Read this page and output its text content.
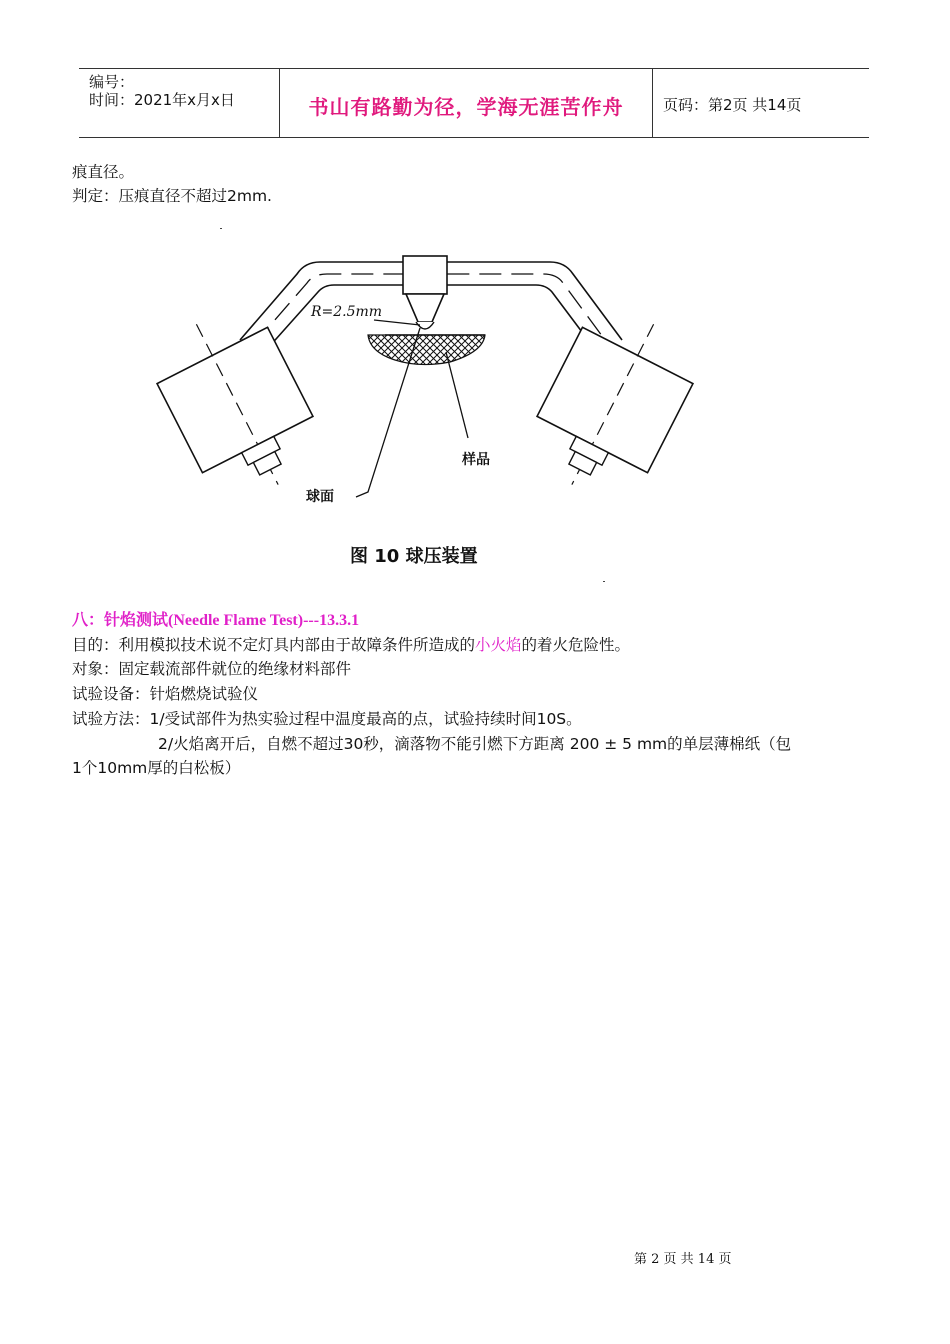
编号：
时间：2021年x月x日	书山有路勤为径，学海无涯苦作舟	页码：第2页 共14页
痕直径。
判定：压痕直径不超过2mm.
R=2.5mm
样品
球面
图 10 球压装置
八：针焰测试(Needle Flame Test)---13.3.1
目的：利用模拟技术说不定灯具内部由于故障条件所造成的小火焰的着火危险性。
对象：固定载流部件就位的绝缘材料部件
试验设备：针焰燃烧试验仪
试验方法：1/受试部件为热实验过程中温度最高的点，试验持续时间10S。
2/火焰离开后，自燃不超过30秒，滴落物不能引燃下方距离 200 ± 5 mm的单层薄棉纸（包
1个10mm厚的白松板）
第 2 页 共 14 页
